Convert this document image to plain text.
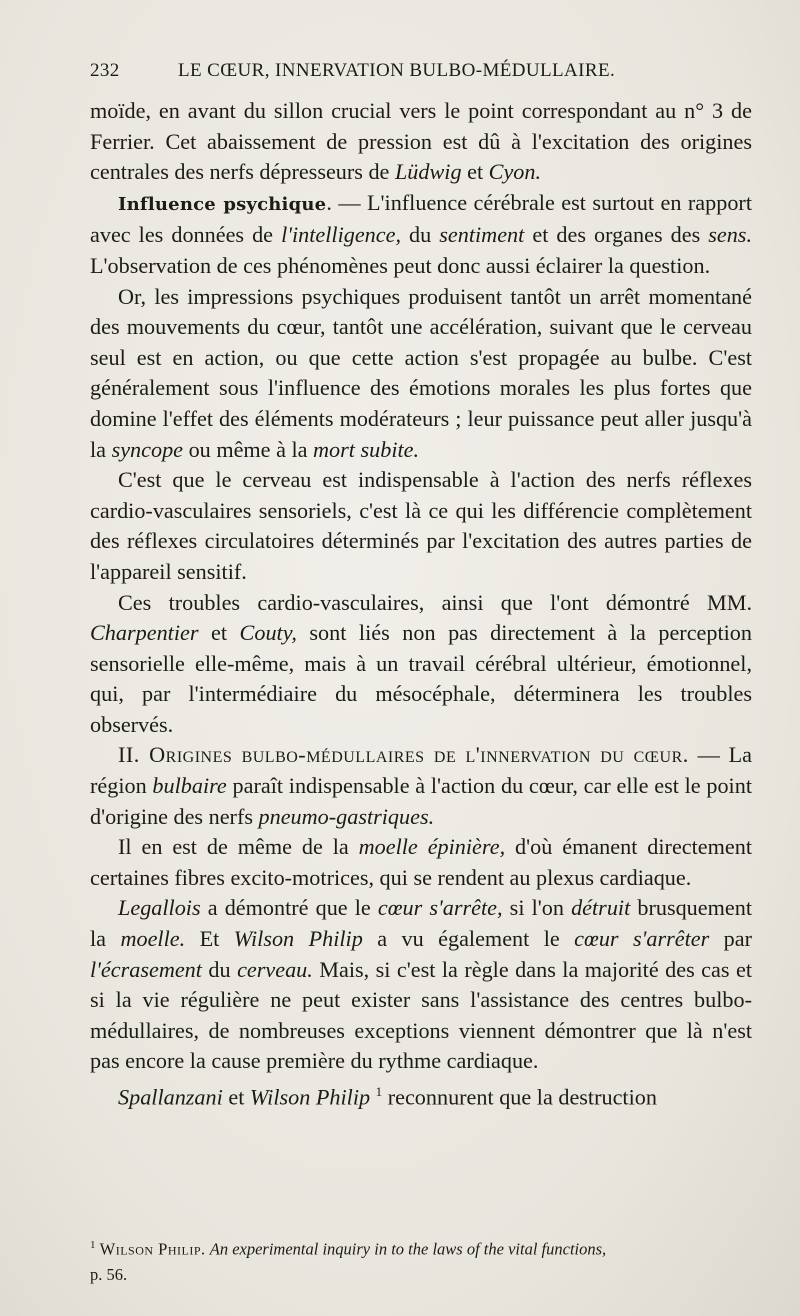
232	LE CŒUR, INNERVATION BULBO-MÉDULLAIRE.

moïde, en avant du sillon crucial vers le point correspondant au n° 3 de Ferrier. Cet abaissement de pression est dû à l'excitation des origines centrales des nerfs dépresseurs de Lüdwig et Cyon.

Influence psychique. — L'influence cérébrale est surtout en rapport avec les données de l'intelligence, du sentiment et des organes des sens. L'observation de ces phénomènes peut donc aussi éclairer la question.

Or, les impressions psychiques produisent tantôt un arrêt momentané des mouvements du cœur, tantôt une accélération, suivant que le cerveau seul est en action, ou que cette action s'est propagée au bulbe. C'est généralement sous l'influence des émotions morales les plus fortes que domine l'effet des éléments modérateurs ; leur puissance peut aller jusqu'à la syncope ou même à la mort subite.

C'est que le cerveau est indispensable à l'action des nerfs réflexes cardio-vasculaires sensoriels, c'est là ce qui les différencie complètement des réflexes circulatoires déterminés par l'excitation des autres parties de l'appareil sensitif.

Ces troubles cardio-vasculaires, ainsi que l'ont démontré MM. Charpentier et Couty, sont liés non pas directement à la perception sensorielle elle-même, mais à un travail cérébral ultérieur, émotionnel, qui, par l'intermédiaire du mésocéphale, déterminera les troubles observés.

II. Origines bulbo-médullaires de l'innervation du cœur. — La région bulbaire paraît indispensable à l'action du cœur, car elle est le point d'origine des nerfs pneumo-gastriques.

Il en est de même de la moelle épinière, d'où émanent directement certaines fibres excito-motrices, qui se rendent au plexus cardiaque.

Legallois a démontré que le cœur s'arrête, si l'on détruit brusquement la moelle. Et Wilson Philip a vu également le cœur s'arrêter par l'écrasement du cerveau. Mais, si c'est la règle dans la majorité des cas et si la vie régulière ne peut exister sans l'assistance des centres bulbo-médullaires, de nombreuses exceptions viennent démontrer que là n'est pas encore la cause première du rythme cardiaque.

Spallanzani et Wilson Philip $^1$ reconnurent que la destruction

$^1$ Wilson Philip. An experimental inquiry in to the laws of the vital functions,
p. 56.
